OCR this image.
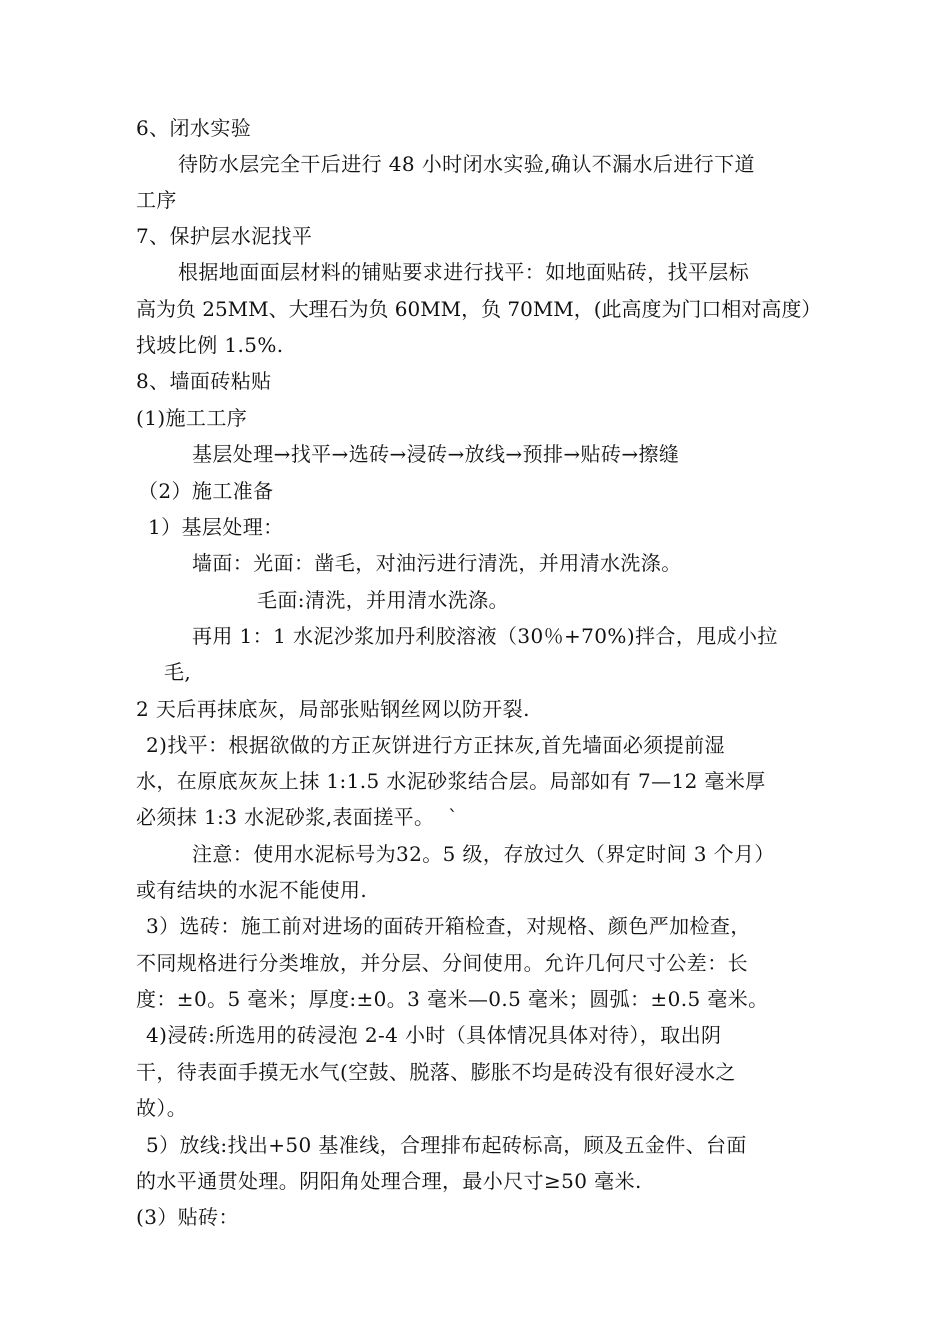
6、闭水实验
待防水层完全干后进行 48 小时闭水实验,确认不漏水后进行下道
工序
7、保护层水泥找平
根据地面面层材料的铺贴要求进行找平：如地面贴砖，找平层标
高为负 25MM、大理石为负 60MM，负 70MM，(此高度为门口相对高度）
找坡比例 1.5%.
8、墙面砖粘贴
(1)施工工序
基层处理→找平→选砖→浸砖→放线→预排→贴砖→擦缝
（2）施工准备
1）基层处理：
墙面：光面：凿毛，对油污进行清洗，并用清水洗涤。
毛面:清洗，并用清水洗涤。
再用 1：1 水泥沙浆加丹利胶溶液（30％+70%)拌合，甩成小拉
毛,
2 天后再抹底灰，局部张贴钢丝网以防开裂.
2)找平：根据欲做的方正灰饼进行方正抹灰,首先墙面必须提前湿
水，在原底灰灰上抹 1:1.5 水泥砂浆结合层。局部如有 7—12 毫米厚
必须抹 1:3 水泥砂浆,表面搓平。  `
注意：使用水泥标号为32。5 级，存放过久（界定时间 3 个月）
或有结块的水泥不能使用.
3）选砖：施工前对进场的面砖开箱检查，对规格、颜色严加检查，
不同规格进行分类堆放，并分层、分间使用。允许几何尺寸公差：长
度：±0。5 毫米；厚度:±0。3 毫米—0.5 毫米；圆弧：±0.5 毫米。
4)浸砖:所选用的砖浸泡 2-4 小时（具体情况具体对待），取出阴
干，待表面手摸无水气(空鼓、脱落、膨胀不均是砖没有很好浸水之
故）。
5）放线:找出+50 基准线，合理排布起砖标高，顾及五金件、台面
的水平通贯处理。阴阳角处理合理，最小尺寸≥50 毫米.
(3）贴砖：
